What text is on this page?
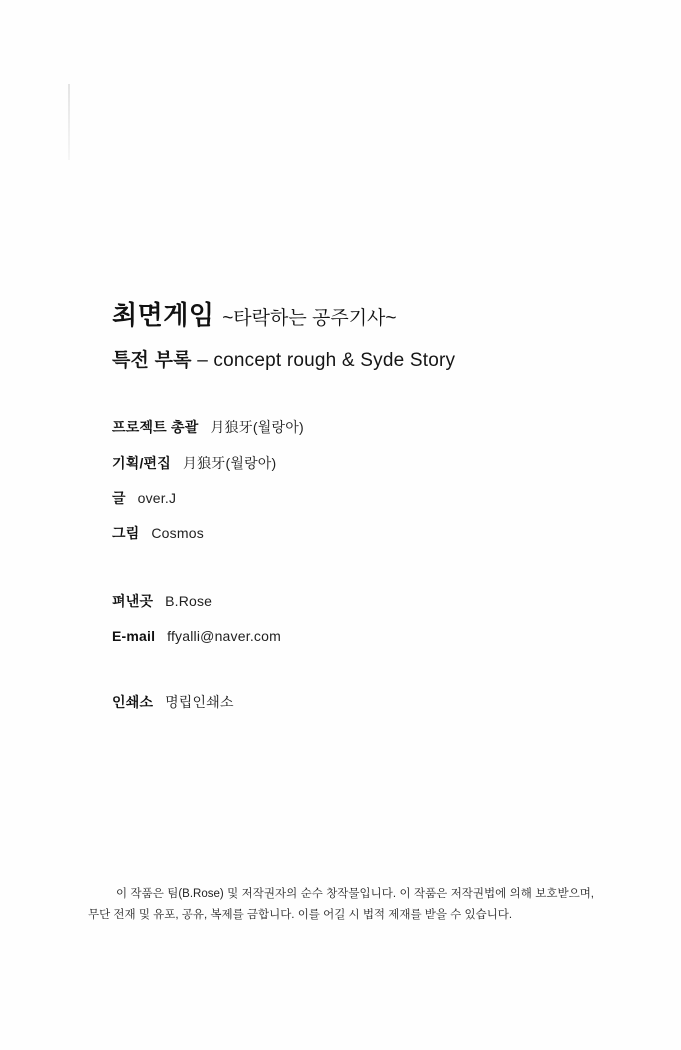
최면게임 ~타락하는 공주기사~
특전 부록 – concept rough & Syde Story
프로젝트 총괄 月狼牙(월랑아)
기획/편집 月狼牙(월랑아)
글 over.J
그림 Cosmos
펴낸곳 B.Rose
E-mail ffyalli@naver.com
인쇄소 명립인쇄소
이 작품은 팀(B.Rose) 및 저작권자의 순수 창작물입니다. 이 작품은 저작권법에 의해 보호받으며, 무단 전재 및 유포, 공유, 복제를 금합니다. 이를 어길 시 법적 제재를 받을 수 있습니다.
